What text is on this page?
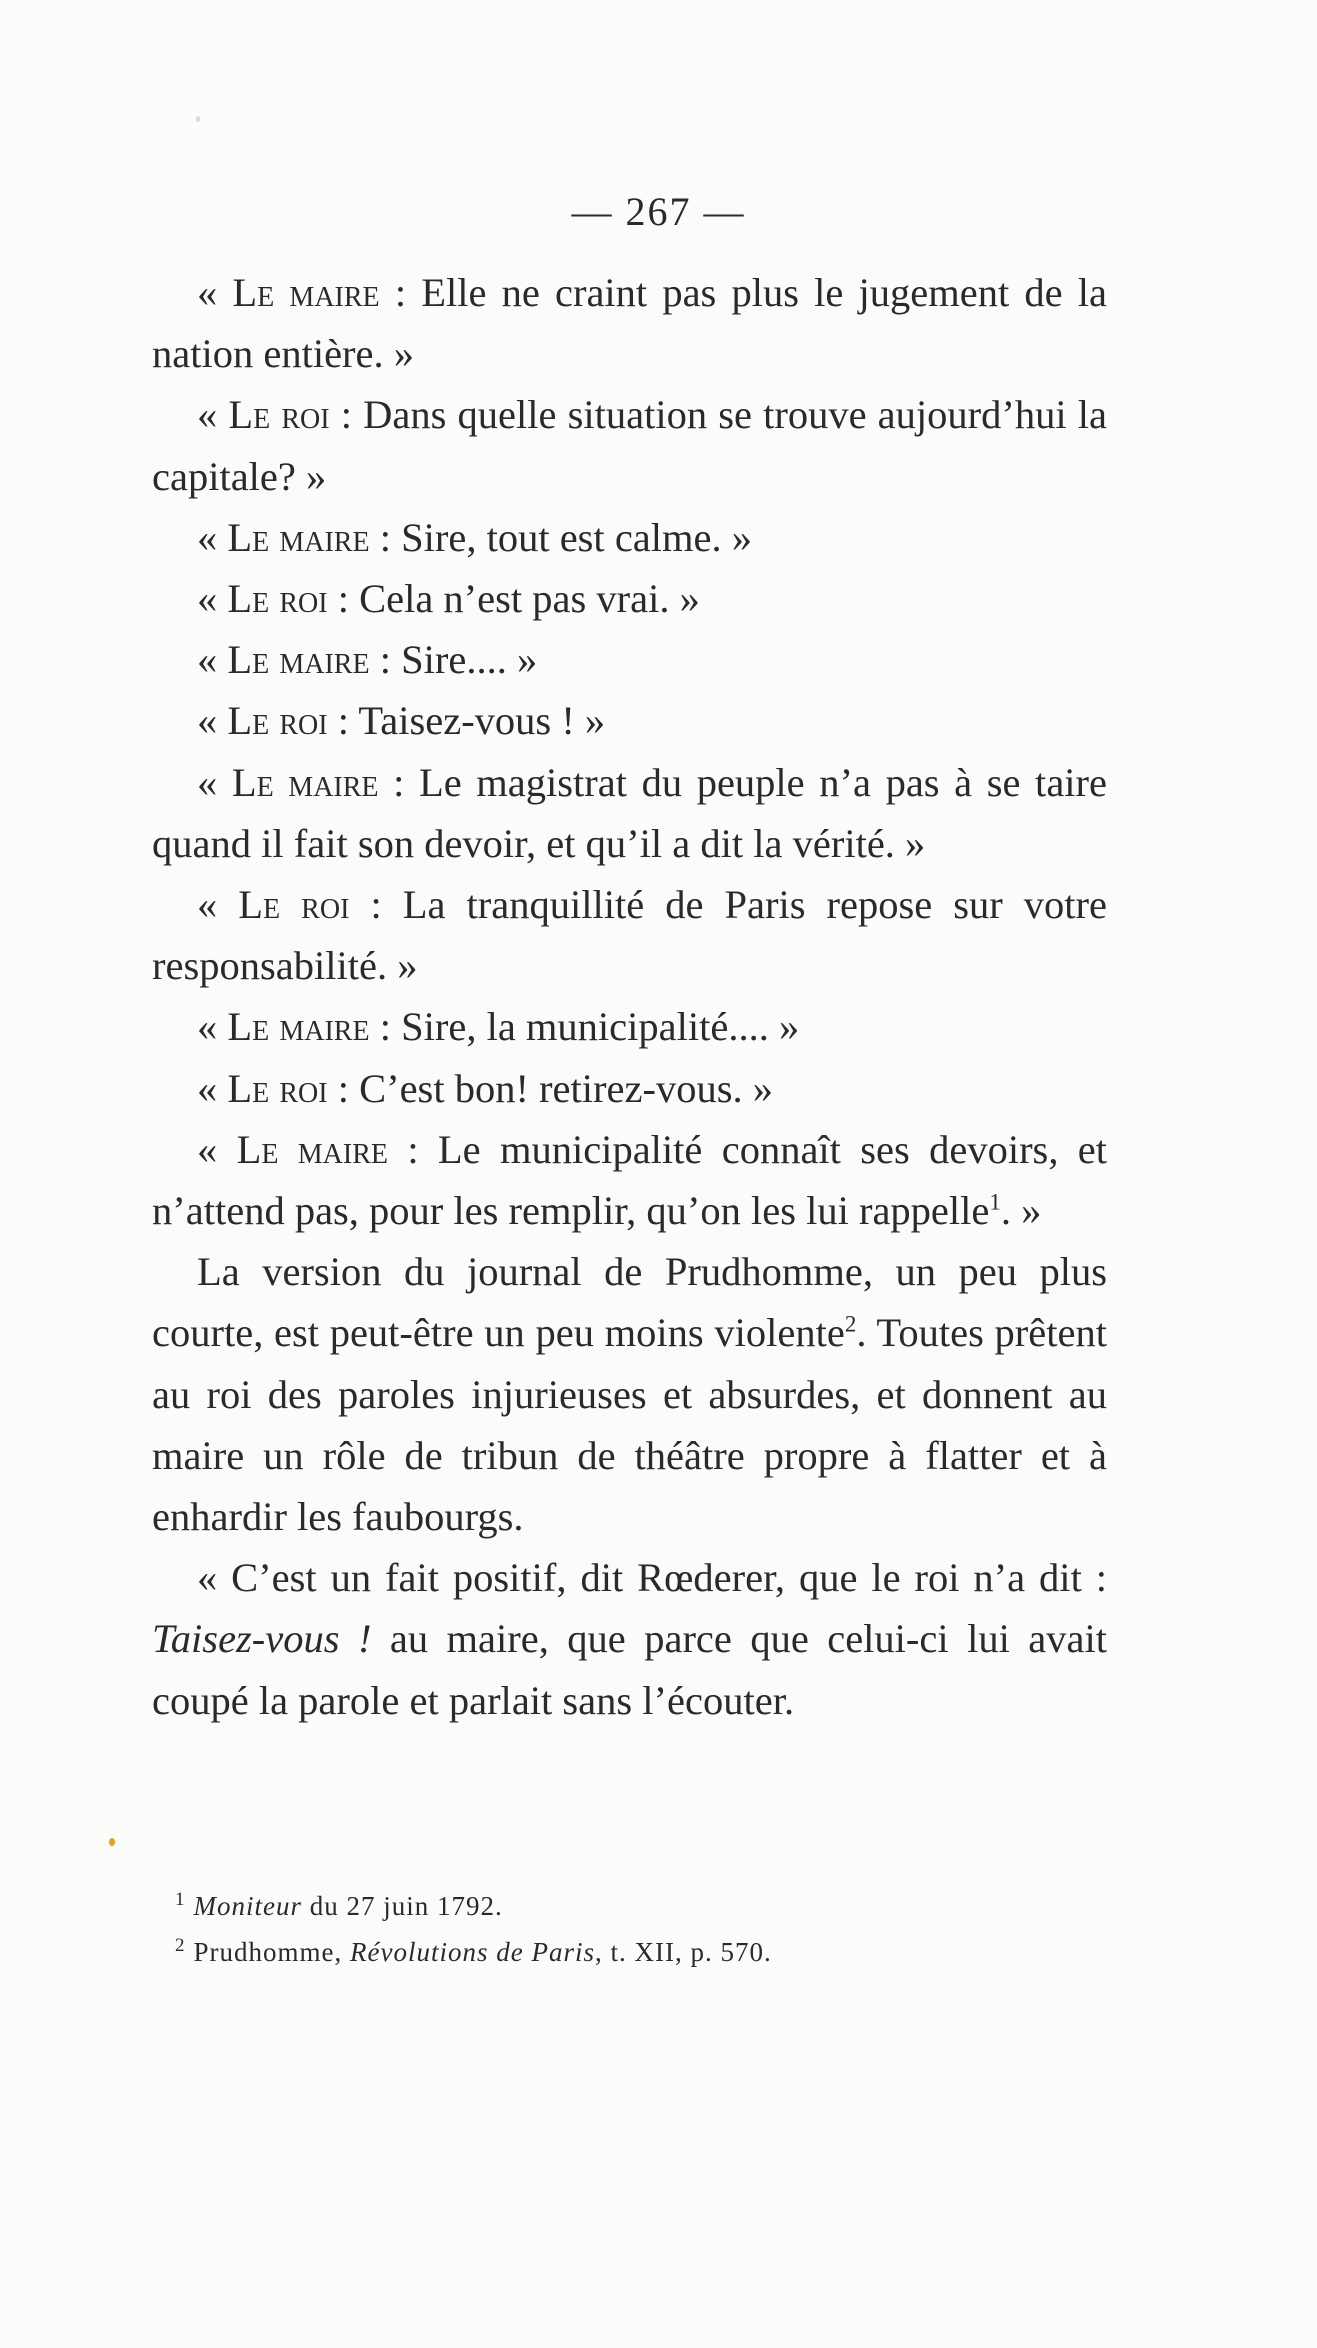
— 267 —

« Le maire : Elle ne craint pas plus le jugement de la nation entière. »

« Le roi : Dans quelle situation se trouve aujourd’hui la capitale? »

« Le maire : Sire, tout est calme. »

« Le roi : Cela n’est pas vrai. »

« Le maire : Sire.... »

« Le roi : Taisez-vous ! »

« Le maire : Le magistrat du peuple n’a pas à se taire quand il fait son devoir, et qu’il a dit la vérité. »

« Le roi : La tranquillité de Paris repose sur votre responsabilité. »

« Le maire : Sire, la municipalité.... »

« Le roi : C’est bon! retirez-vous. »

« Le maire : Le municipalité connaît ses devoirs, et n’attend pas, pour les remplir, qu’on les lui rappelle$^1$. »

La version du journal de Prudhomme, un peu plus courte, est peut-être un peu moins violente$^2$. Toutes prêtent au roi des paroles injurieuses et absurdes, et donnent au maire un rôle de tribun de théâtre propre à flatter et à enhardir les faubourgs.

« C’est un fait positif, dit Rœderer, que le roi n’a dit : Taisez-vous ! au maire, que parce que celui-ci lui avait coupé la parole et parlait sans l’écouter.

$^1$ Moniteur du 27 juin 1792.

$^2$ Prudhomme, Révolutions de Paris, t. XII, p. 570.
